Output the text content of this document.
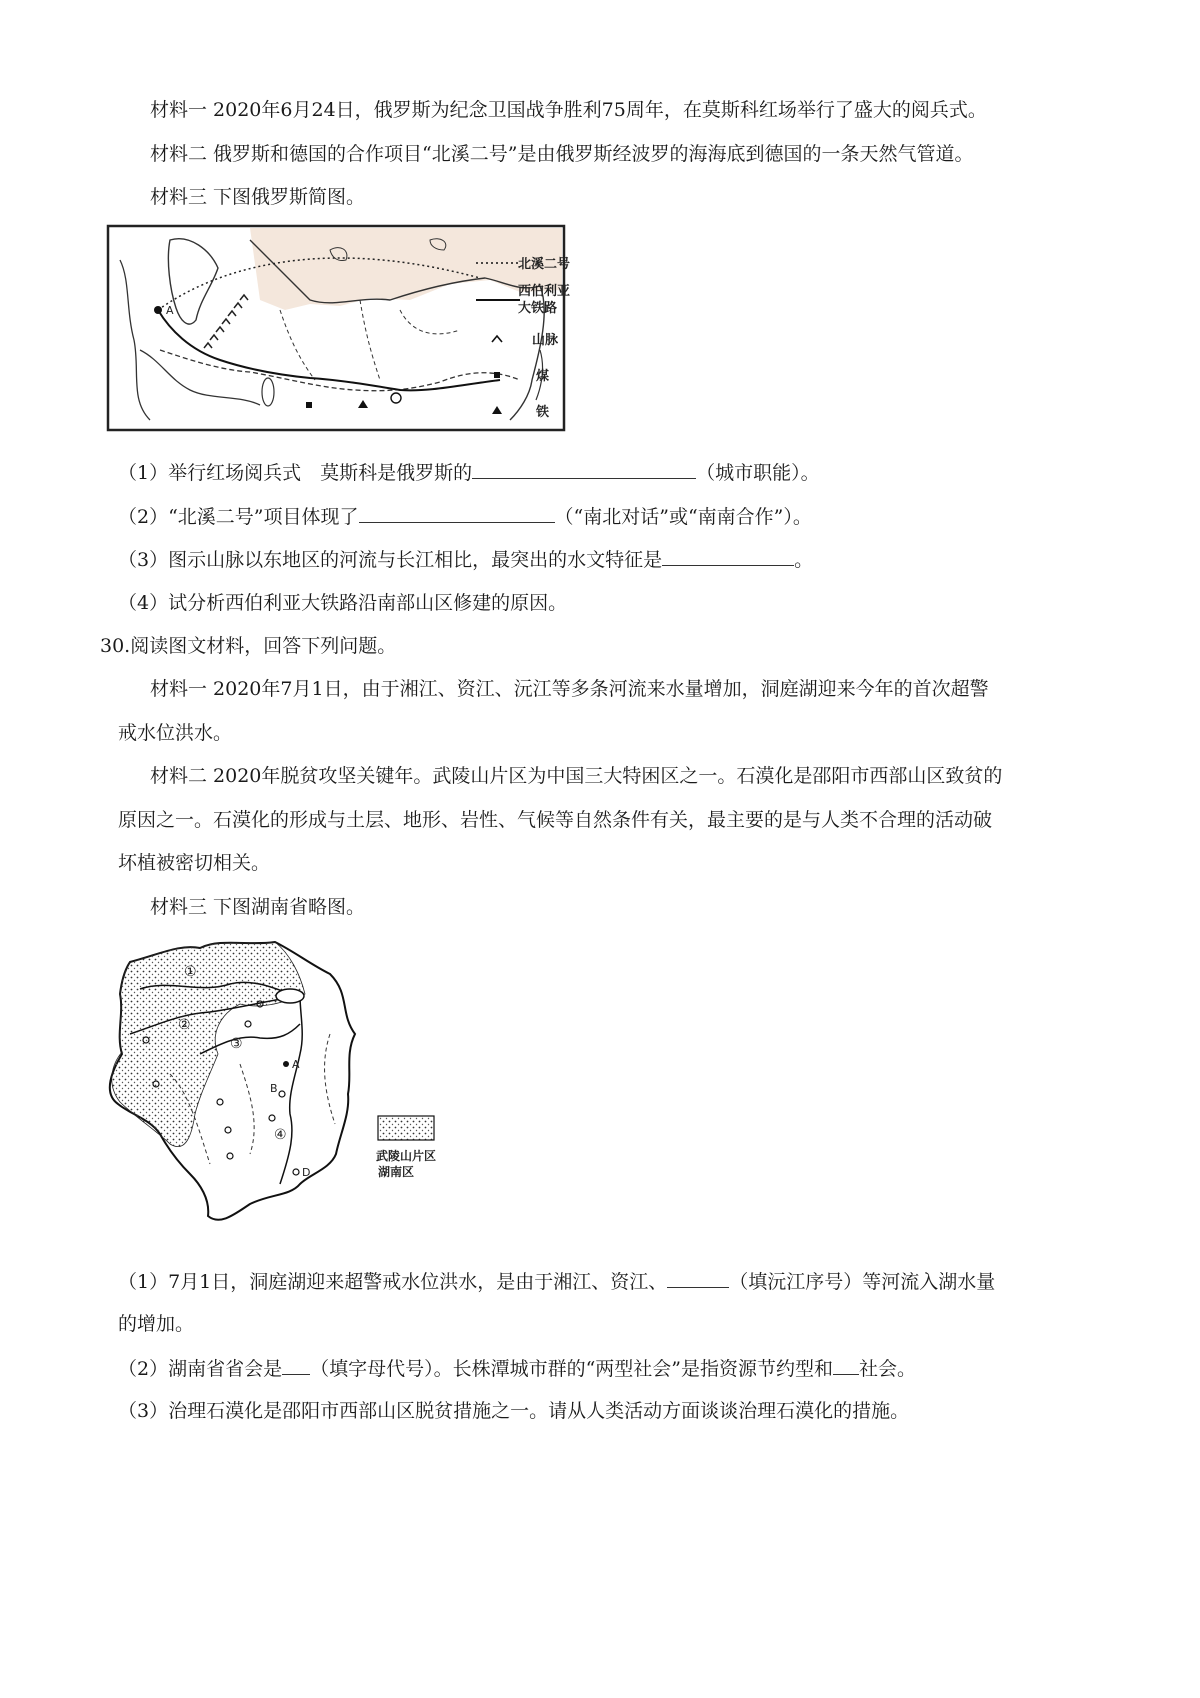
材料一 2020年6月24日，俄罗斯为纪念卫国战争胜利75周年，在莫斯科红场举行了盛大的阅兵式。
材料二 俄罗斯和德国的合作项目“北溪二号”是由俄罗斯经波罗的海海底到德国的一条天然气管道。
材料三 下图俄罗斯简图。
A
北溪二号
西伯利亚
大铁路
山脉
煤
铁
（1）举行红场阅兵式　莫斯科是俄罗斯的	（城市职能）。
（2）“北溪二号”项目体现了	（“南北对话”或“南南合作”）。
（3）图示山脉以东地区的河流与长江相比，最突出的水文特征是	。
（4）试分析西伯利亚大铁路沿南部山区修建的原因。
30.阅读图文材料，回答下列问题。
材料一 2020年7月1日，由于湘江、资江、沅江等多条河流来水量增加，洞庭湖迎来今年的首次超警
戒水位洪水。
材料二 2020年脱贫攻坚关键年。武陵山片区为中国三大特困区之一。石漠化是邵阳市西部山区致贫的
原因之一。石漠化的形成与土层、地形、岩性、气候等自然条件有关，最主要的是与人类不合理的活动破
坏植被密切相关。
材料三 下图湖南省略图。
①
②
③
④
A
B
D
武陵山片区
湖南区
（1）7月1日，洞庭湖迎来超警戒水位洪水，是由于湘江、资江、	（填沅江序号）等河流入湖水量
的增加。
（2）湖南省省会是 （填字母代号）。长株潭城市群的“两型社会”是指资源节约型和 社会。
（3）治理石漠化是邵阳市西部山区脱贫措施之一。请从人类活动方面谈谈治理石漠化的措施。
